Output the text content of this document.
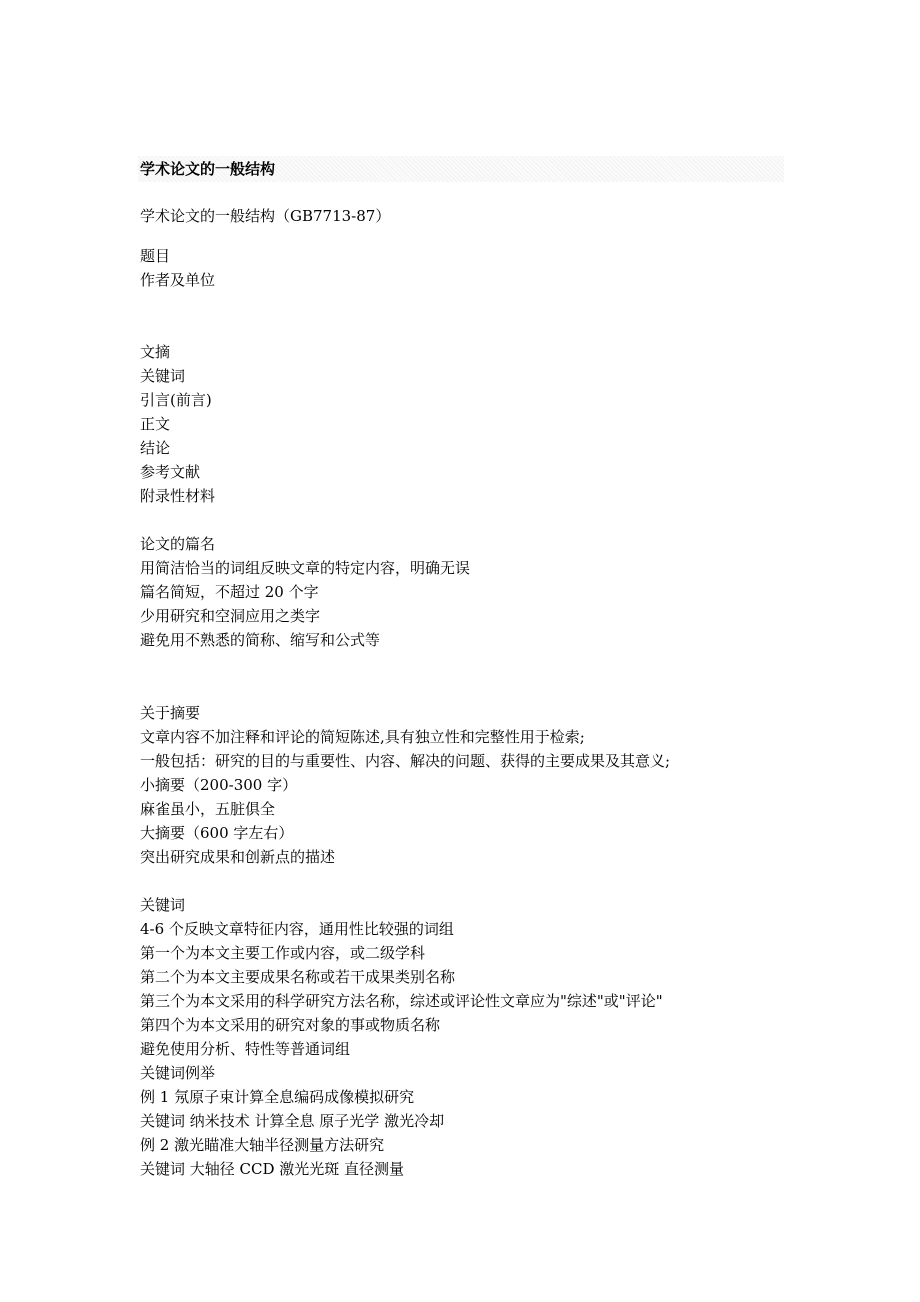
学术论文的一般结构
学术论文的一般结构（GB7713-87）
题目
作者及单位
文摘
关键词
引言(前言)
正文
结论
参考文献
附录性材料
论文的篇名
用简洁恰当的词组反映文章的特定内容，明确无误
篇名简短，不超过 20 个字
少用研究和空洞应用之类字
避免用不熟悉的简称、缩写和公式等
关于摘要
文章内容不加注释和评论的简短陈述,具有独立性和完整性用于检索;
一般包括：研究的目的与重要性、内容、解决的问题、获得的主要成果及其意义;
小摘要（200-300 字）
麻雀虽小，五脏俱全
大摘要（600 字左右）
突出研究成果和创新点的描述
关键词
4-6 个反映文章特征内容，通用性比较强的词组
第一个为本文主要工作或内容，或二级学科
第二个为本文主要成果名称或若干成果类别名称
第三个为本文采用的科学研究方法名称，综述或评论性文章应为"综述"或"评论"
第四个为本文采用的研究对象的事或物质名称
避免使用分析、特性等普通词组
关键词例举
例 1 氖原子束计算全息编码成像模拟研究
关键词 纳米技术 计算全息 原子光学 激光冷却
例 2 激光瞄准大轴半径测量方法研究
关键词 大轴径 CCD 激光光斑 直径测量
